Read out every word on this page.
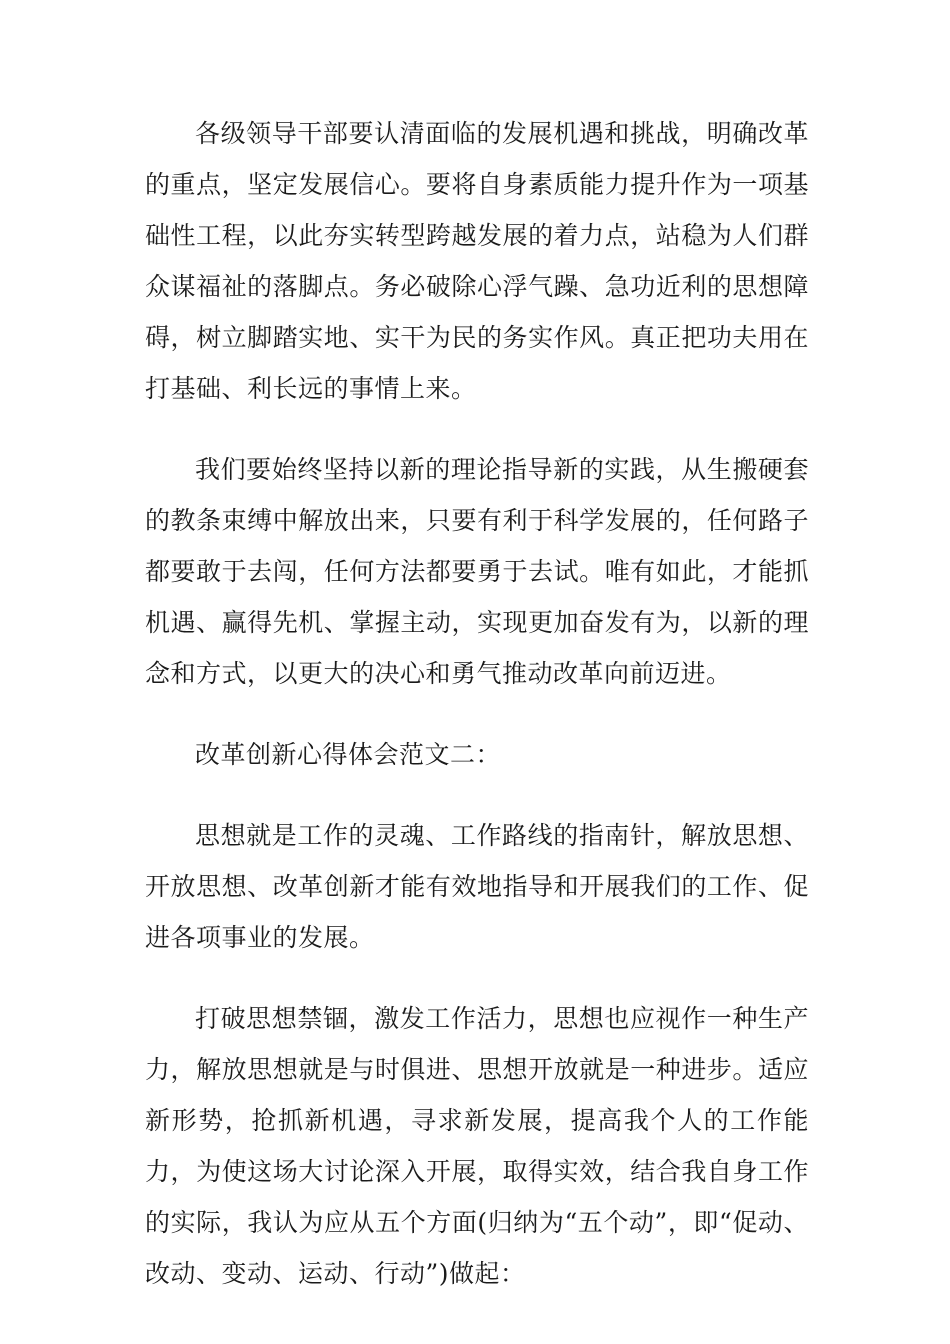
各级领导干部要认清面临的发展机遇和挑战，明确改革的重点，坚定发展信心。要将自身素质能力提升作为一项基础性工程，以此夯实转型跨越发展的着力点，站稳为人们群众谋福祉的落脚点。务必破除心浮气躁、急功近利的思想障碍，树立脚踏实地、实干为民的务实作风。真正把功夫用在打基础、利长远的事情上来。

我们要始终坚持以新的理论指导新的实践，从生搬硬套的教条束缚中解放出来，只要有利于科学发展的，任何路子都要敢于去闯，任何方法都要勇于去试。唯有如此，才能抓机遇、赢得先机、掌握主动，实现更加奋发有为，以新的理念和方式，以更大的决心和勇气推动改革向前迈进。

改革创新心得体会范文二：

思想就是工作的灵魂、工作路线的指南针，解放思想、开放思想、改革创新才能有效地指导和开展我们的工作、促进各项事业的发展。

打破思想禁锢，激发工作活力，思想也应视作一种生产力，解放思想就是与时俱进、思想开放就是一种进步。适应新形势，抢抓新机遇，寻求新发展，提高我个人的工作能力，为使这场大讨论深入开展，取得实效，结合我自身工作的实际，我认为应从五个方面(归纳为“五个动”，即“促动、改动、变动、运动、行动”)做起：
